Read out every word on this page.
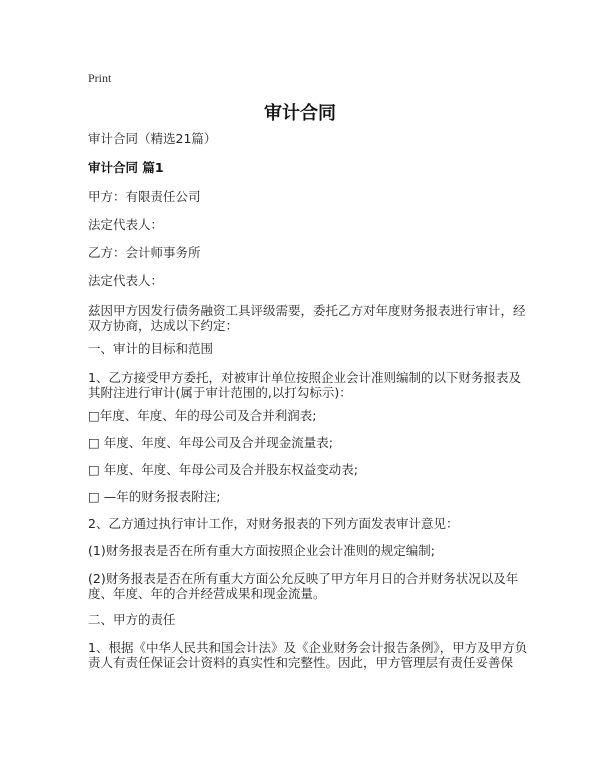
Print
审计合同
审计合同（精选21篇）
审计合同 篇1
甲方：有限责任公司
法定代表人：
乙方：会计师事务所
法定代表人：
兹因甲方因发行债务融资工具评级需要，委托乙方对年度财务报表进行审计，经双方协商，达成以下约定：
一、审计的目标和范围
1、乙方接受甲方委托，对被审计单位按照企业会计准则编制的以下财务报表及其附注进行审计(属于审计范围的,以打勾标示)：
□年度、年度、年的母公司及合并利润表;
□ 年度、年度、年母公司及合并现金流量表;
□ 年度、年度、年母公司及合并股东权益变动表;
□ —年的财务报表附注;
2、乙方通过执行审计工作，对财务报表的下列方面发表审计意见：
(1)财务报表是否在所有重大方面按照企业会计准则的规定编制;
(2)财务报表是否在所有重大方面公允反映了甲方年月日的合并财务状况以及年度、年度、年的合并经营成果和现金流量。
二、甲方的责任
1、根据《中华人民共和国会计法》及《企业财务会计报告条例》，甲方及甲方负责人有责任保证会计资料的真实性和完整性。因此，甲方管理层有责任妥善保
